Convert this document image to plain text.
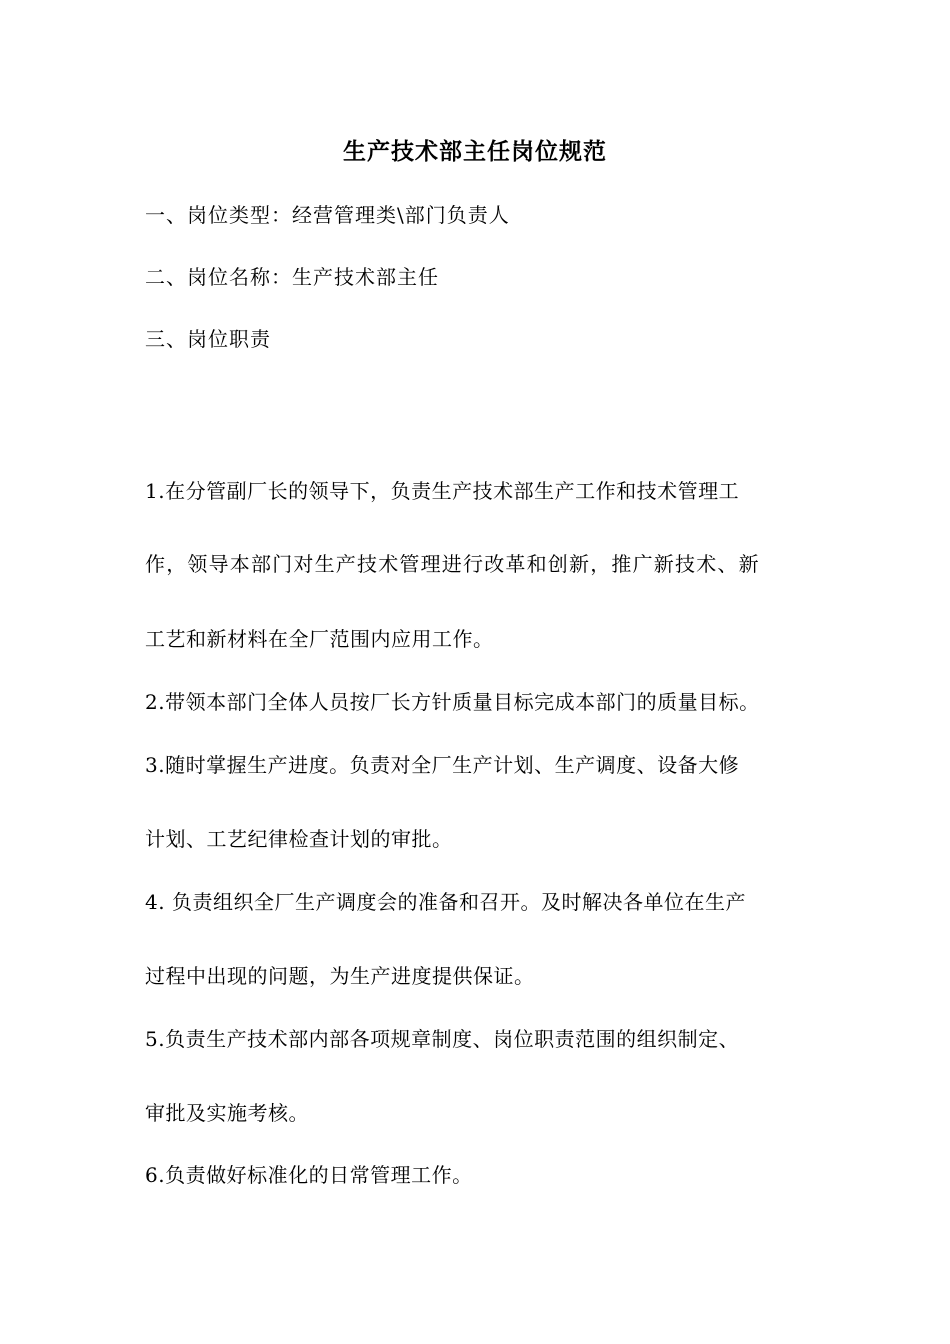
生产技术部主任岗位规范
一、岗位类型：经营管理类\部门负责人
二、岗位名称：生产技术部主任
三、岗位职责
1.在分管副厂长的领导下，负责生产技术部生产工作和技术管理工
作，领导本部门对生产技术管理进行改革和创新，推广新技术、新
工艺和新材料在全厂范围内应用工作。
2.带领本部门全体人员按厂长方针质量目标完成本部门的质量目标。
3.随时掌握生产进度。负责对全厂生产计划、生产调度、设备大修
计划、工艺纪律检查计划的审批。
4. 负责组织全厂生产调度会的准备和召开。及时解决各单位在生产
过程中出现的问题，为生产进度提供保证。
5.负责生产技术部内部各项规章制度、岗位职责范围的组织制定、
审批及实施考核。
6.负责做好标准化的日常管理工作。
